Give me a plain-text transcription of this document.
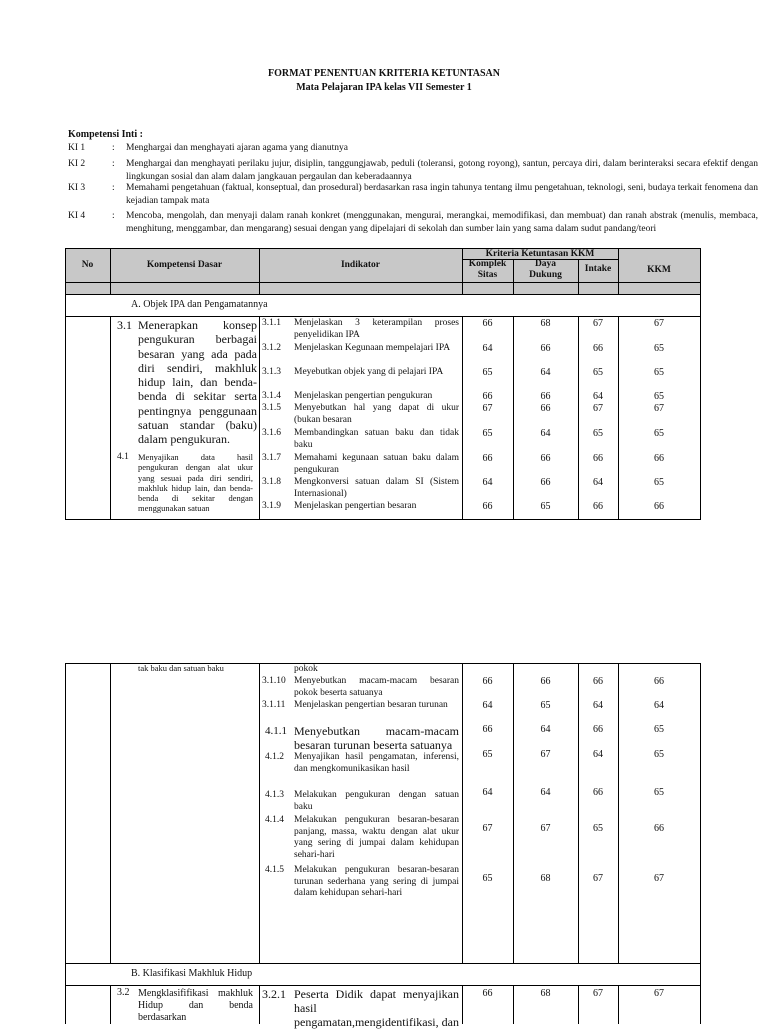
FORMAT PENENTUAN KRITERIA KETUNTASAN
Mata Pelajaran IPA kelas VII Semester 1
Kompetensi Inti :
KI 1	: Menghargai dan menghayati ajaran agama yang dianutnya
KI 2	: Menghargai dan menghayati perilaku jujur, disiplin, tanggungjawab, peduli (toleransi, gotong royong), santun, percaya diri, dalam berinteraksi secara efektif dengan lingkungan sosial dan alam dalam jangkauan pergaulan dan keberadaannya
KI 3	: Memahami pengetahuan (faktual, konseptual, dan prosedural) berdasarkan rasa ingin tahunya tentang ilmu pengetahuan, teknologi, seni, budaya terkait fenomena dan kejadian tampak mata
KI 4	: Mencoba, mengolah, dan menyaji dalam ranah konkret (menggunakan, mengurai, merangkai, memodifikasi, dan membuat) dan ranah abstrak (menulis, membaca, menghitung, menggambar, dan mengarang) sesuai dengan yang dipelajari di sekolah dan sumber lain yang sama dalam sudut pandang/teori
No	Kompetensi Dasar	Indikator
Kriteria Ketuntasan KKM
Komplek Sitas
Daya Dukung
Intake	KKM
A. Objek IPA dan Pengamatannya
3.1 Menerapkan konsep pengukuran berbagai besaran yang ada pada diri sendiri, makhluk hidup lain, dan benda-benda di sekitar serta pentingnya penggunaan satuan standar (baku) dalam pengukuran.
4.1 Menyajikan data hasil pengukuran dengan alat ukur yang sesuai pada diri sendiri, makhluk hidup lain, dan benda-benda di sekitar dengan menggunakan satuan
3.1.1 Menjelaskan 3 keterampilan proses penyelidikan IPA
66	68	67	67
3.1.2 Menjelaskan Kegunaan mempelajari IPA	64	66	66	65
3.1.3 Meyebutkan objek yang di pelajari IPA	65	64	65	65
3.1.4 Menjelaskan pengertian pengukuran	66	66	64	65
3.1.5 Menyebutkan hal yang dapat di ukur (bukan besaran
67	66	67	67
3.1.6 Membandingkan satuan baku dan tidak baku
65	64	65	65
3.1.7 Memahami kegunaan satuan baku dalam pengukuran
66	66	66	66
3.1.8 Mengkonversi satuan dalam SI (Sistem Internasional)
64	66	64	65
3.1.9 Menjelaskan pengertian besaran	66	65	66	66
tak baku dan satuan baku	pokok
3.1.10 Menyebutkan macam-macam besaran pokok beserta satuanya
66	66	66	66
3.1.11 Menjelaskan pengertian besaran turunan	64	65	64	64
4.1.1 Menyebutkan macam-macam besaran turunan beserta satuanya
66	64	66	65
4.1.2 Menyajikan hasil pengamatan, inferensi, dan mengkomunikasikan hasil
65	67	64	65
4.1.3 Melakukan pengukuran dengan satuan baku
64	64	66	65
4.1.4 Melakukan pengukuran besaran-besaran panjang, massa, waktu dengan alat ukur yang sering di jumpai dalam kehidupan sehari-hari
67	67	65	66
4.1.5 Melakukan pengukuran besaran-besaran turunan sederhana yang sering di jumpai dalam kehidupan sehari-hari
65	68	67	67
B. Klasifikasi Makhluk Hidup
3.2 Mengklasififikasi makhluk Hidup dan benda berdasarkan
3.2.1 Peserta Didik dapat menyajikan hasil pengamatan,mengidentifikasi, dan
66	68	67	67
